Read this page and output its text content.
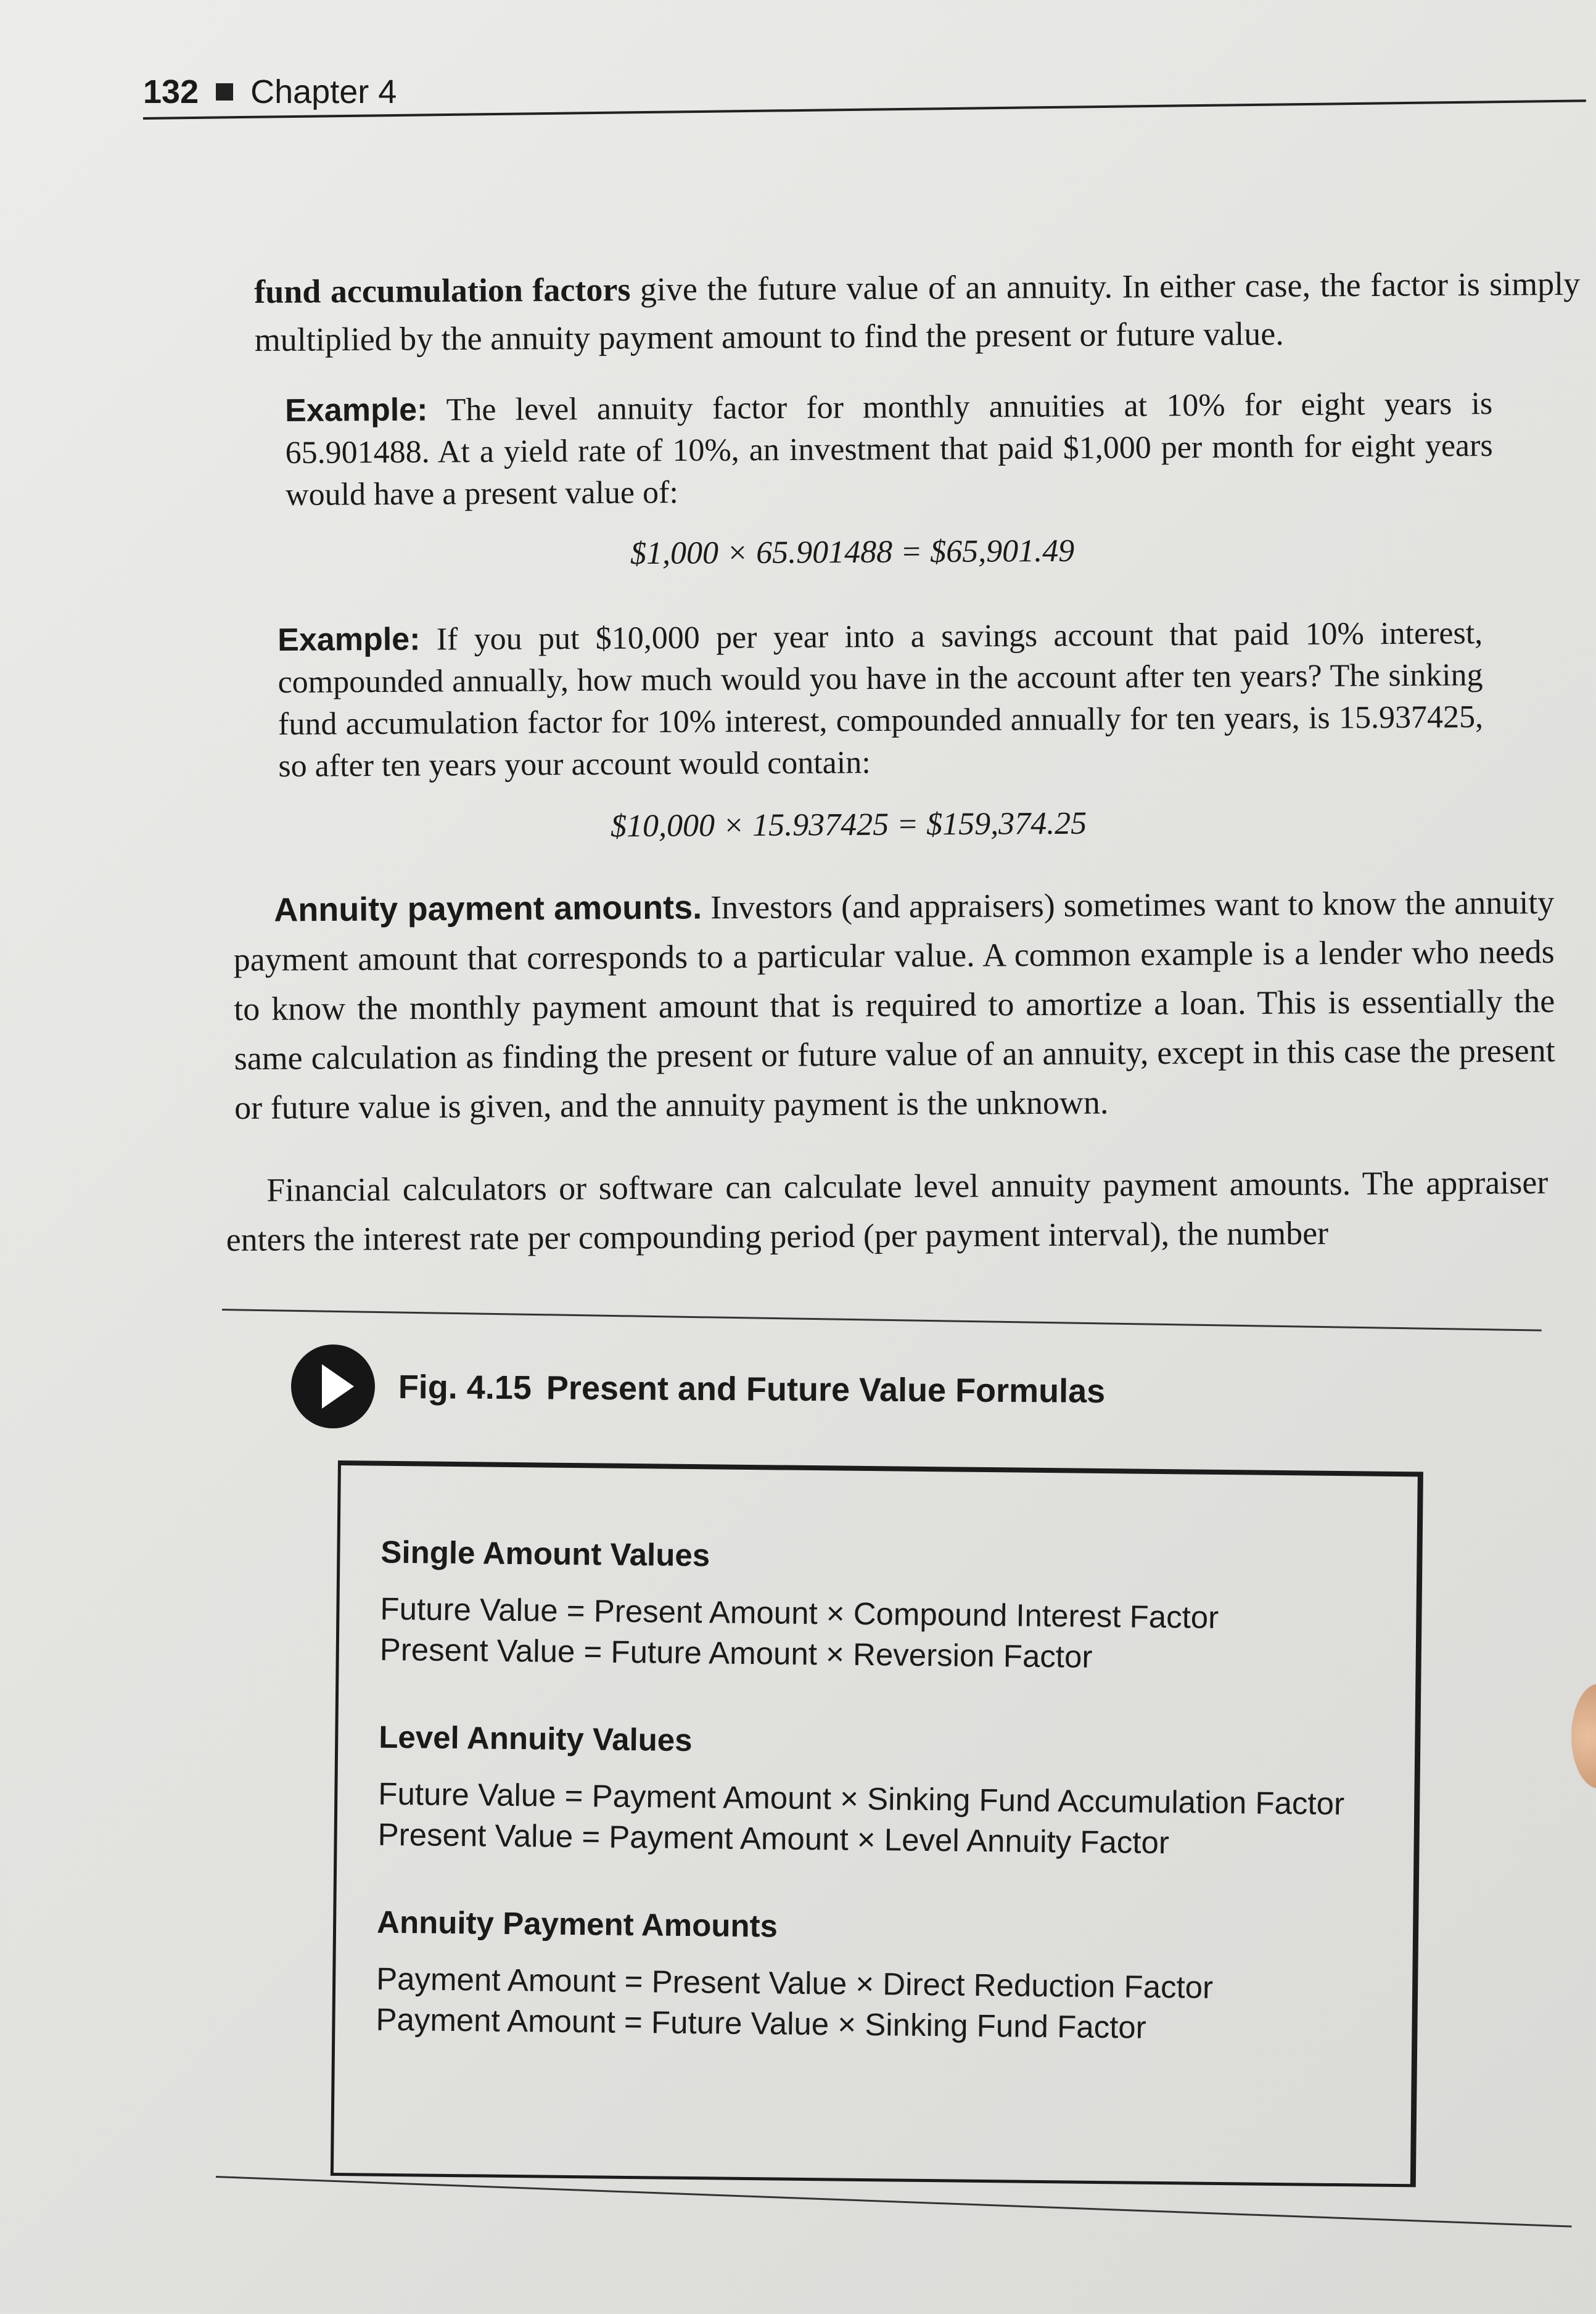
132 Chapter 4
fund accumulation factors give the future value of an annuity. In either case, the factor is simply multiplied by the annuity payment amount to find the present or future value.
Example: The level annuity factor for monthly annuities at 10% for eight years is 65.901488. At a yield rate of 10%, an investment that paid $1,000 per month for eight years would have a present value of:
$1,000 × 65.901488 = $65,901.49
Example: If you put $10,000 per year into a savings account that paid 10% interest, compounded annually, how much would you have in the account after ten years? The sinking fund accumulation factor for 10% interest, compounded annually for ten years, is 15.937425, so after ten years your account would contain:
$10,000 × 15.937425 = $159,374.25
Annuity payment amounts. Investors (and appraisers) sometimes want to know the annuity payment amount that corresponds to a particular value. A common example is a lender who needs to know the monthly payment amount that is required to amortize a loan. This is essentially the same calculation as finding the present or future value of an annuity, except in this case the present or future value is given, and the annuity payment is the unknown.
Financial calculators or software can calculate level annuity payment amounts. The appraiser enters the interest rate per compounding period (per payment interval), the number
Fig. 4.15 Present and Future Value Formulas
Single Amount Values
Future Value = Present Amount × Compound Interest Factor
Present Value = Future Amount × Reversion Factor
Level Annuity Values
Future Value = Payment Amount × Sinking Fund Accumulation Factor
Present Value = Payment Amount × Level Annuity Factor
Annuity Payment Amounts
Payment Amount = Present Value × Direct Reduction Factor
Payment Amount = Future Value × Sinking Fund Factor
